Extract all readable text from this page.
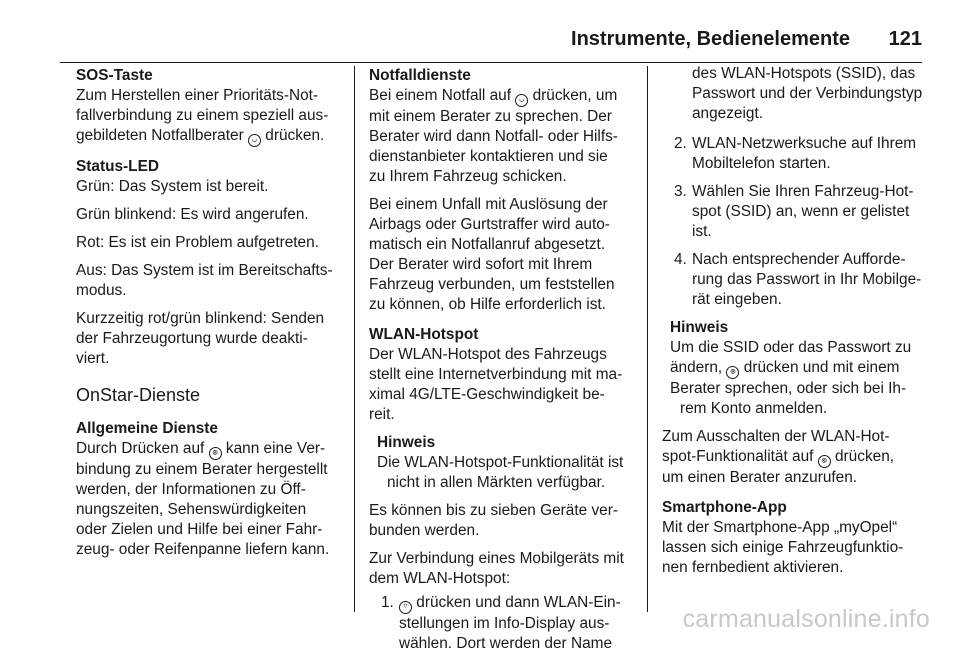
Instrumente, Bedienelemente 121
SOS-Taste
Zum Herstellen einer Prioritäts-Not-
fallverbindung zu einem speziell aus-
gebildeten Notfallberater ◡ drücken.
Status-LED
Grün: Das System ist bereit.
Grün blinkend: Es wird angerufen.
Rot: Es ist ein Problem aufgetreten.
Aus: Das System ist im Bereitschafts-
modus.
Kurzzeitig rot/grün blinkend: Senden
der Fahrzeugortung wurde deakti-
viert.
OnStar-Dienste
Allgemeine Dienste
Durch Drücken auf ◎ kann eine Ver-
bindung zu einem Berater hergestellt
werden, der Informationen zu Öff-
nungszeiten, Sehenswürdigkeiten
oder Zielen und Hilfe bei einer Fahr-
zeug- oder Reifenpanne liefern kann.
Notfalldienste
Bei einem Notfall auf ◡ drücken, um
mit einem Berater zu sprechen. Der
Berater wird dann Notfall- oder Hilfs-
dienstanbieter kontaktieren und sie
zu Ihrem Fahrzeug schicken.
Bei einem Unfall mit Auslösung der
Airbags oder Gurtstraffer wird auto-
matisch ein Notfallanruf abgesetzt.
Der Berater wird sofort mit Ihrem
Fahrzeug verbunden, um feststellen
zu können, ob Hilfe erforderlich ist.
WLAN-Hotspot
Der WLAN-Hotspot des Fahrzeugs
stellt eine Internetverbindung mit ma-
ximal 4G/LTE-Geschwindigkeit be-
reit.
Hinweis
Die WLAN-Hotspot-Funktionalität ist
nicht in allen Märkten verfügbar.
Es können bis zu sieben Geräte ver-
bunden werden.
Zur Verbindung eines Mobilgeräts mit
dem WLAN-Hotspot:
1.	⌔ drücken und dann WLAN-Ein-
stellungen im Info-Display aus-
wählen. Dort werden der Name
des WLAN-Hotspots (SSID), das
Passwort und der Verbindungstyp
angezeigt.
2. WLAN-Netzwerksuche auf Ihrem
Mobiltelefon starten.
3. Wählen Sie Ihren Fahrzeug-Hot-
spot (SSID) an, wenn er gelistet
ist.
4. Nach entsprechender Aufforde-
rung das Passwort in Ihr Mobilge-
rät eingeben.
Hinweis
Um die SSID oder das Passwort zu
ändern, ◎ drücken und mit einem
Berater sprechen, oder sich bei Ih-
rem Konto anmelden.
Zum Ausschalten der WLAN-Hot-
spot-Funktionalität auf ◎ drücken,
um einen Berater anzurufen.
Smartphone-App
Mit der Smartphone-App „myOpel“
lassen sich einige Fahrzeugfunktio-
nen fernbedient aktivieren.
carmanualsonline.info
